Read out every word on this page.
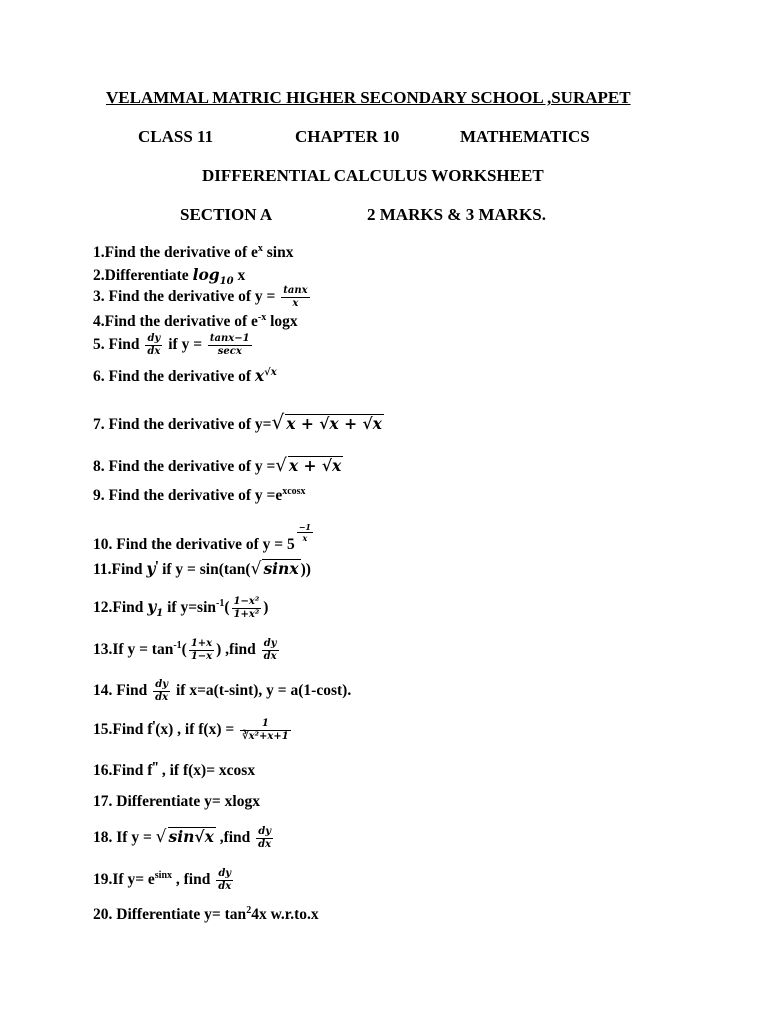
VELAMMAL MATRIC HIGHER SECONDARY SCHOOL ,SURAPET
CLASS 11	CHAPTER 10	MATHEMATICS
DIFFERENTIAL CALCULUS WORKSHEET
SECTION A	2 MARKS & 3 MARKS.
1.Find the derivative of $e^x$ sinx
2.Differentiate $\log_{10} x$
3. Find the derivative of $y = \frac{\tan x}{x}$
4.Find the derivative of $e^{-x}$ logx
5. Find $\frac{dy}{dx}$ if $y = \frac{\tan x-1}{\sec x}$
6. Find the derivative of $x^{√x}$
7. Find the derivative of y=√ x + √x + √x
8. Find the derivative of y =√ x + √x
9. Find the derivative of $y =e^{xcosx}$
10. Find the derivative of y = 5
$\frac{-1}{x}$
11.Find $y^ꞌ$ if y = sin(tan(√ sinx ))
12.Find $y_1$ if $y=\sin^{-1}( \frac{\text{1−x²}}{\text{1+x²}}$ )
13.If $y = \tan^{-1}( \frac{1+x}{1-x}$ ) ,find $\frac{dy}{dx}$
14. Find $\frac{dy}{dx}$ if x=a(t-sint), y = a(1-cost).
15.Find $f^ꞌ(x)$ , if $f(x) = \frac{1}{\text{∛x²+x+1}}$
16.Find $f^{ꞌꞌ}$ , if f(x)= xcosx
17. Differentiate y= xlogx
18. If y = √ sin√x ,find $\frac{dy}{dx}$
19.If $y= e^{sinx}$ , find $\frac{dy}{dx}$
20. Differentiate $y= \tan^24x$ w.r.to.x
